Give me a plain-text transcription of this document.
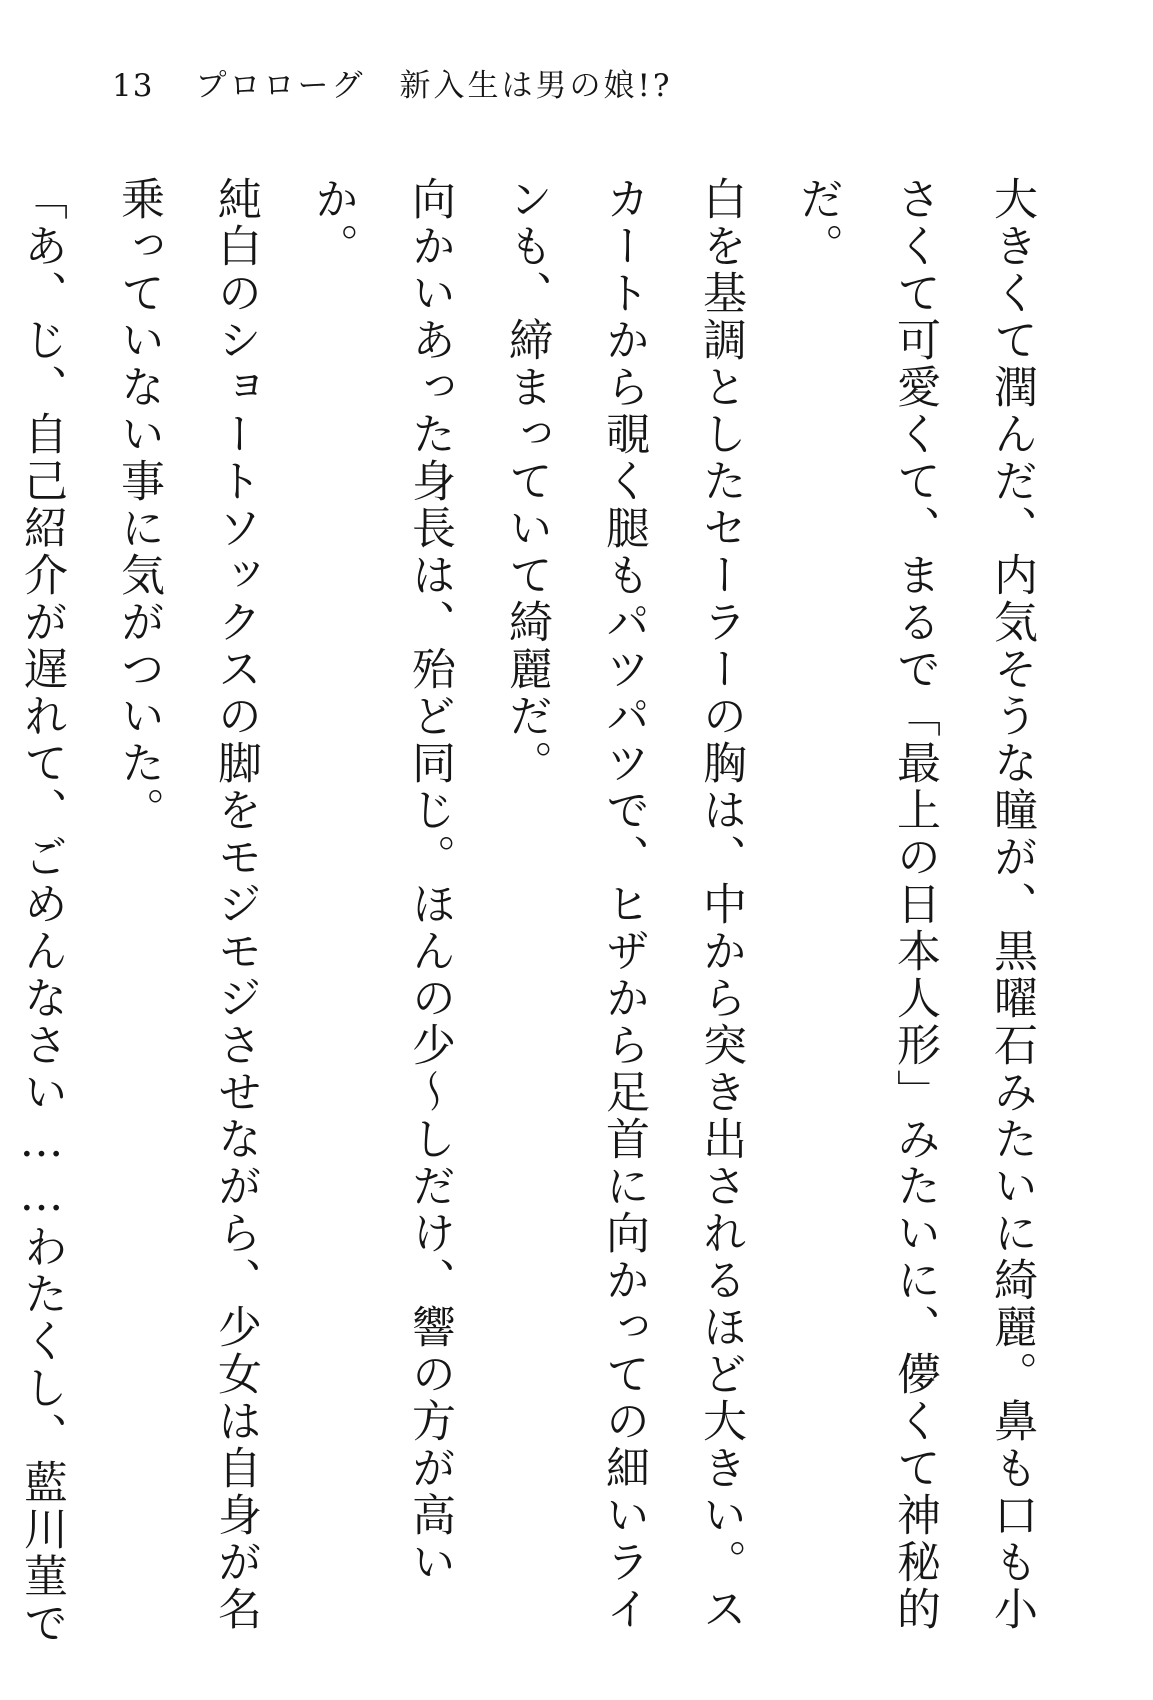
13 プロローグ　新入生は男の娘!?

大きくて潤んだ、内気そうな瞳が、黒曜石みたいに綺麗。鼻も口も小さくて可愛くて、まるで「最上の日本人形」みたいに、儚くて神秘的だ。

白を基調としたセーラーの胸は、中から突き出されるほど大きい。スカートから覗く腿もパツパツで、ヒザから足首に向かっての細いラインも、締まっていて綺麗だ。

向かいあった身長は、殆ど同じ。ほんの少〜しだけ、響の方が高いか。

純白のショートソックスの脚をモジモジさせながら、少女は自身が名乗っていない事に気がついた。

「あ、じ、自己紹介が遅れて、ごめんなさい……わたくし、藍川菫で
